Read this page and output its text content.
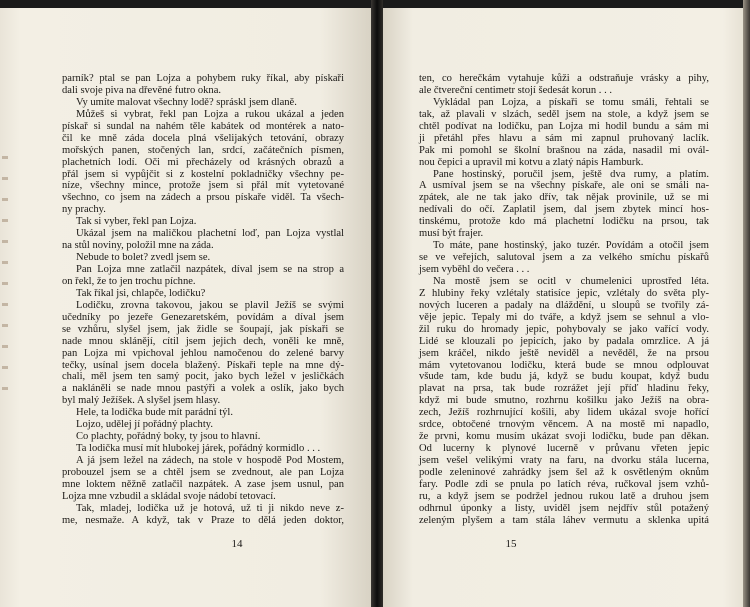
parník? ptal se pan Lojza a pohybem ruky říkal, aby pískaři
dali svoje piva na dřevěné futro okna.
Vy umíte malovat všechny lodě? spráskl jsem dlaně.
Můžeš si vybrat, řekl pan Lojza a rukou ukázal a jeden
pískař si sundal na nahém těle kabátek od montérek a nato-
čil ke mně záda docela plná všelijakých tetování, obrazy
mořských panen, stočených lan, srdcí, začátečních písmen,
plachetních lodí. Oči mi přecházely od krásných obrazů a
přál jsem si vypůjčit si z kostelní pokladničky všechny pe-
níze, všechny mince, protože jsem si přál mít vytetované
všechno, co jsem na zádech a prsou pískaře viděl. Ta všech-
ny prachy.
Tak si vyber, řekl pan Lojza.
Ukázal jsem na maličkou plachetní loď, pan Lojza vystlal
na stůl noviny, položil mne na záda.
Nebude to bolet? zvedl jsem se.
Pan Lojza mne zatlačil nazpátek, díval jsem se na strop a
on řekl, že to jen trochu píchne.
Tak říkal jsi, chlapče, lodičku?
Lodičku, zrovna takovou, jakou se plavil Ježíš se svými
učedníky po jezeře Genezaretském, povídám a díval jsem
se vzhůru, slyšel jsem, jak židle se šoupají, jak pískaři se
nade mnou sklánějí, cítil jsem jejich dech, voněli ke mně,
pan Lojza mi vpichoval jehlou namočenou do zelené barvy
tečky, usínal jsem docela blažený. Pískaři teple na mne dý-
chali, měl jsem ten samý pocit, jako bych ležel v jesličkách
a nakláněli se nade mnou pastýři a volek a oslík, jako bych
byl malý Ježíšek. A slyšel jsem hlasy.
Hele, ta lodička bude mít parádní týl.
Lojzo, udělej jí pořádný plachty.
Co plachty, pořádný boky, ty jsou to hlavní.
Ta lodička musí mít hlubokej járek, pořádný kormidlo . . .
A já jsem ležel na zádech, na stole v hospodě Pod Mostem,
probouzel jsem se a chtěl jsem se zvednout, ale pan Lojza
mne loktem něžně zatlačil nazpátek. A zase jsem usnul, pan
Lojza mne vzbudil a skládal svoje nádobí tetovací.
Tak, mladej, lodička už je hotová, už ti ji nikdo neve z-
me, nesmaže. A když, tak v Praze to dělá jeden doktor,
14
ten, co herečkám vytahuje kůži a odstraňuje vrásky a pihy,
ale čtvereční centimetr stojí šedesát korun . . .
Vykládal pan Lojza, a pískaři se tomu smáli, řehtali se
tak, až plavali v slzách, seděl jsem na stole, a když jsem se
chtěl podívat na lodičku, pan Lojza mi hodil bundu a sám mi
ji přetáhl přes hlavu a sám mi zapnul pruhovaný laclík.
Pak mi pomohl se školní brašnou na záda, nasadil mi ovál-
nou čepici a upravil mi kotvu a zlatý nápis Hamburk.
Pane hostinský, poručil jsem, ještě dva rumy, a platím.
A usmíval jsem se na všechny pískaře, ale oni se smáli na-
zpátek, ale ne tak jako dřív, tak nějak provinile, už se mi
nedívali do očí. Zaplatil jsem, dal jsem zbytek mincí hos-
tinskému, protože kdo má plachetní lodičku na prsou, tak
musí být frajer.
To máte, pane hostinský, jako tuzér. Povídám a otočil jsem
se ve veřejích, salutoval jsem a za velkého smíchu pískařů
jsem vyběhl do večera . . .
Na mostě jsem se ocitl v chumelenici uprostřed léta.
Z hlubiny řeky vzlétaly statisíce jepic, vzlétaly do světa ply-
nových luceren a padaly na dláždění, u sloupů se tvořily zá-
věje jepic. Tepaly mi do tváře, a když jsem se sehnul a vlo-
žil ruku do hromady jepic, pohybovaly se jako vařící vody.
Lidé se klouzali po jepicích, jako by padala omrzlice. A já
jsem kráčel, nikdo ještě neviděl a nevěděl, že na prsou
mám vytetovanou lodičku, která bude se mnou odplouvat
všude tam, kde budu já, když se budu koupat, když budu
plavat na prsa, tak bude rozrážet její příď hladinu řeky,
když mi bude smutno, rozhrnu košilku jako Ježíš na obra-
zech, Ježíš rozhrnující košili, aby lidem ukázal svoje hořící
srdce, obtočené trnovým věncem. A na mostě mi napadlo,
že prvni, komu musím ukázat svoji lodičku, bude pan děkan.
Od lucerny k plynové lucerně v průvanu vřeten jepic
jsem vešel velikými vraty na faru, na dvorku stála lucerna,
podle zeleninové zahrádky jsem šel až k osvětleným oknům
fary. Podle zdi se pnula po latích réva, ručkoval jsem vzhů-
ru, a když jsem se podržel jednou rukou latě a druhou jsem
odhrnul úponky a listy, uviděl jsem nejdřív stůl potažený
zeleným plyšem a tam stála láhev vermutu a sklenka upitá
15
